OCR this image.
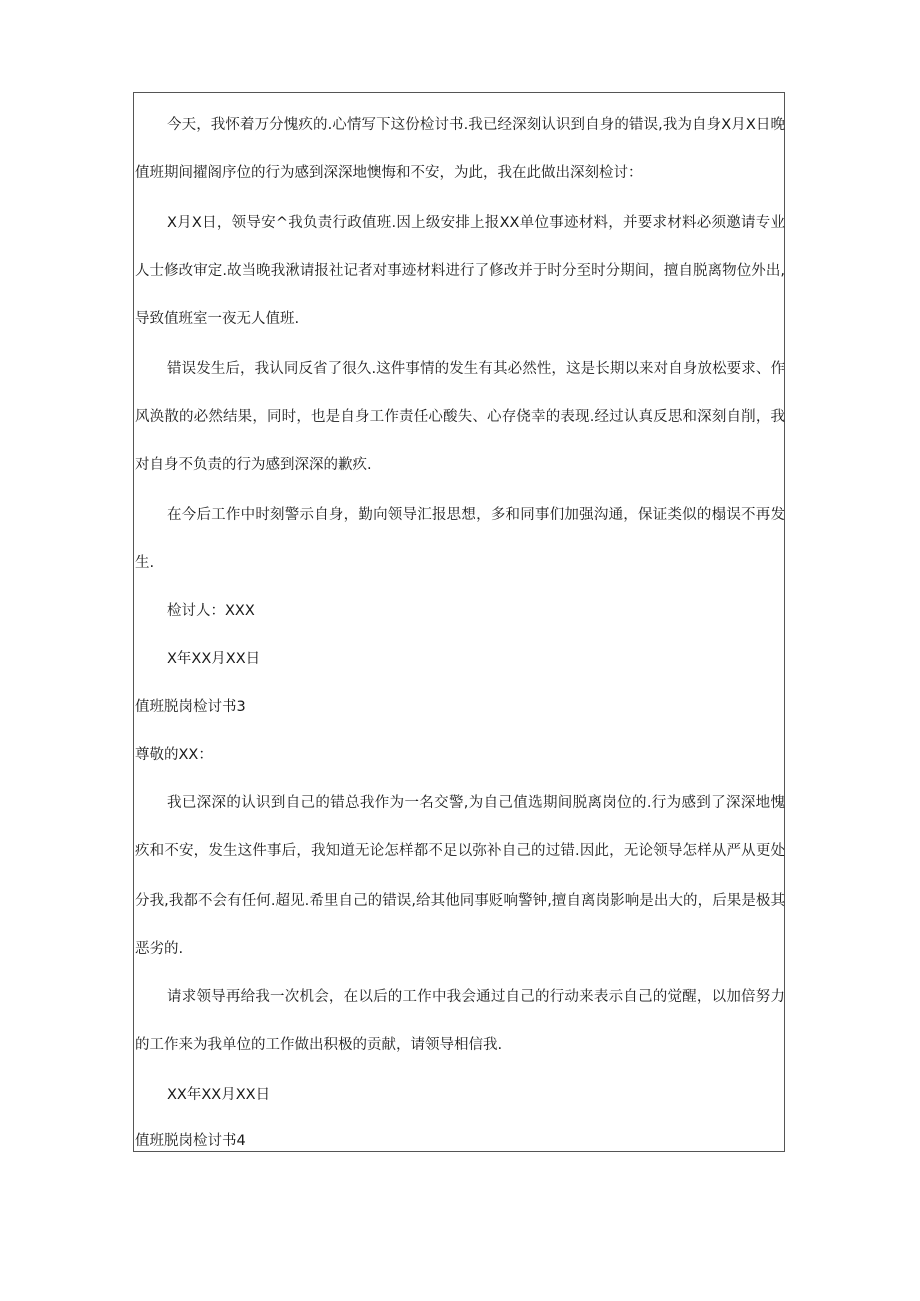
今天，我怀着万分愧疚的.心情写下这份检讨书.我已经深刻认识到自身的错误,我为自身X月X日晚
值班期间擢阁序位的行为感到深深地懊悔和不安，为此，我在此做出深刻检讨：
X月X日，领导安^我负责行政值班.因上级安排上报XX单位事迹材料，并要求材料必须邀请专业
人士修改审定.故当晚我湫请报社记者对事迹材料进行了修改并于时分至时分期间，擅自脱离物位外出,
导致值班室一夜无人值班.
错误发生后，我认同反省了很久.这件事情的发生有其必然性，这是长期以来对自身放松要求、作
风涣散的必然结果，同时，也是自身工作责任心酸失、心存侥幸的表现.经过认真反思和深刻自削，我
对自身不负责的行为感到深深的歉疚.
在今后工作中时刻警示自身，勤向领导汇报思想，多和同事们加强沟通，保证类似的榻误不再发
生.
检讨人：XXX
X年XX月XX日
值班脱岗检讨书3
尊敬的XX：
我已深深的认识到自己的错总我作为一名交警,为自己值选期间脱离岗位的.行为感到了深深地愧
疚和不安，发生这件事后，我知道无论怎样都不足以弥补自己的过错.因此，无论领导怎样从严从更处
分我,我都不会有任何.超见.希里自己的错误,给其他同事贬响警钟,擅自离岗影响是出大的，后果是极其
恶劣的.
请求领导再给我一次机会，在以后的工作中我会通过自己的行动来表示自己的觉醒，以加倍努力
的工作来为我单位的工作做出积极的贡献，请领导相信我.
XX年XX月XX日
值班脱岗检讨书4
